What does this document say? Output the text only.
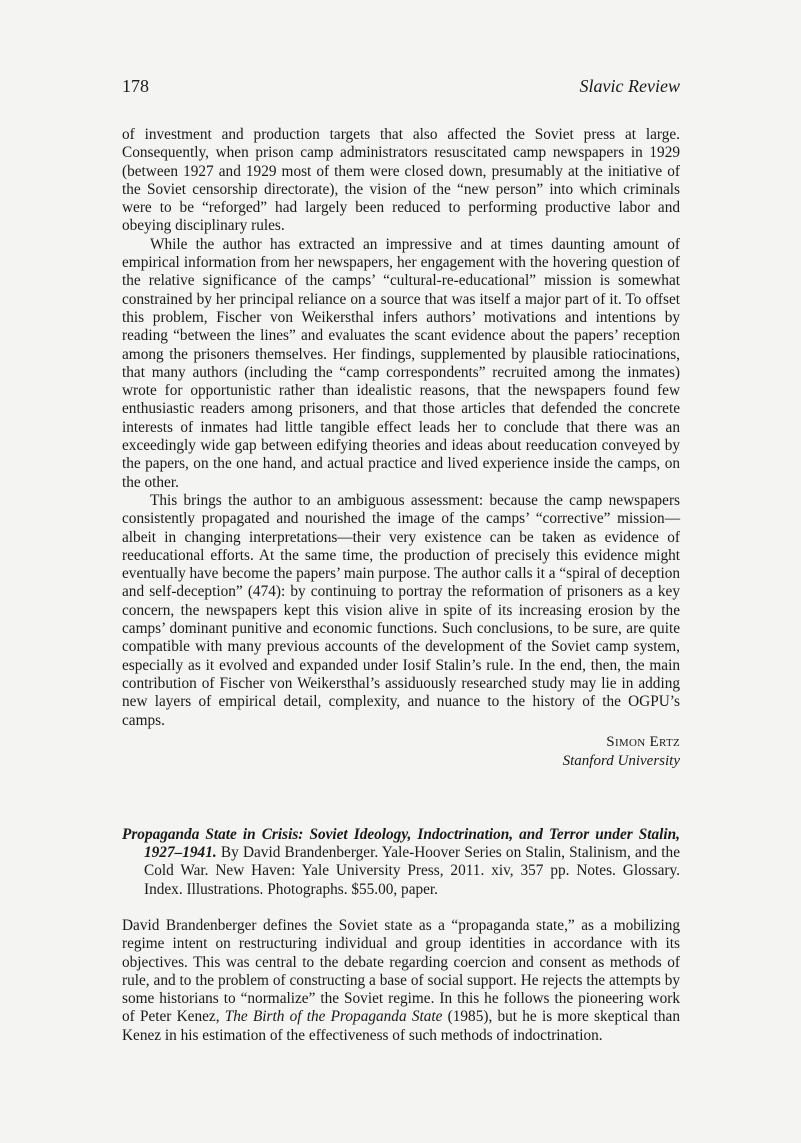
178	Slavic Review

of investment and production targets that also affected the Soviet press at large. Consequently, when prison camp administrators resuscitated camp newspapers in 1929 (between 1927 and 1929 most of them were closed down, presumably at the initiative of the Soviet censorship directorate), the vision of the “new person” into which criminals were to be “reforged” had largely been reduced to performing productive labor and obeying disciplinary rules.

While the author has extracted an impressive and at times daunting amount of empirical information from her newspapers, her engagement with the hovering question of the relative significance of the camps’ “cultural-re-educational” mission is somewhat constrained by her principal reliance on a source that was itself a major part of it. To offset this problem, Fischer von Weikersthal infers authors’ motivations and intentions by reading “between the lines” and evaluates the scant evidence about the papers’ reception among the prisoners themselves. Her findings, supplemented by plausible ratiocinations, that many authors (including the “camp correspondents” recruited among the inmates) wrote for opportunistic rather than idealistic reasons, that the newspapers found few enthusiastic readers among prisoners, and that those articles that defended the concrete interests of inmates had little tangible effect leads her to conclude that there was an exceedingly wide gap between edifying theories and ideas about reeducation conveyed by the papers, on the one hand, and actual practice and lived experience inside the camps, on the other.

This brings the author to an ambiguous assessment: because the camp newspapers consistently propagated and nourished the image of the camps’ “corrective” mission—albeit in changing interpretations—their very existence can be taken as evidence of reeducational efforts. At the same time, the production of precisely this evidence might eventually have become the papers’ main purpose. The author calls it a “spiral of deception and self-deception” (474): by continuing to portray the reformation of prisoners as a key concern, the newspapers kept this vision alive in spite of its increasing erosion by the camps’ dominant punitive and economic functions. Such conclusions, to be sure, are quite compatible with many previous accounts of the development of the Soviet camp system, especially as it evolved and expanded under Iosif Stalin’s rule. In the end, then, the main contribution of Fischer von Weikersthal’s assiduously researched study may lie in adding new layers of empirical detail, complexity, and nuance to the history of the OGPU’s camps.

Simon Ertz
Stanford University

Propaganda State in Crisis: Soviet Ideology, Indoctrination, and Terror under Stalin, 1927–1941. By David Brandenberger. Yale-Hoover Series on Stalin, Stalinism, and the Cold War. New Haven: Yale University Press, 2011. xiv, 357 pp. Notes. Glossary. Index. Illustrations. Photographs. $55.00, paper.

David Brandenberger defines the Soviet state as a “propaganda state,” as a mobilizing regime intent on restructuring individual and group identities in accordance with its objectives. This was central to the debate regarding coercion and consent as methods of rule, and to the problem of constructing a base of social support. He rejects the attempts by some historians to “normalize” the Soviet regime. In this he follows the pioneering work of Peter Kenez, The Birth of the Propaganda State (1985), but he is more skeptical than Kenez in his estimation of the effectiveness of such methods of indoctrination.
